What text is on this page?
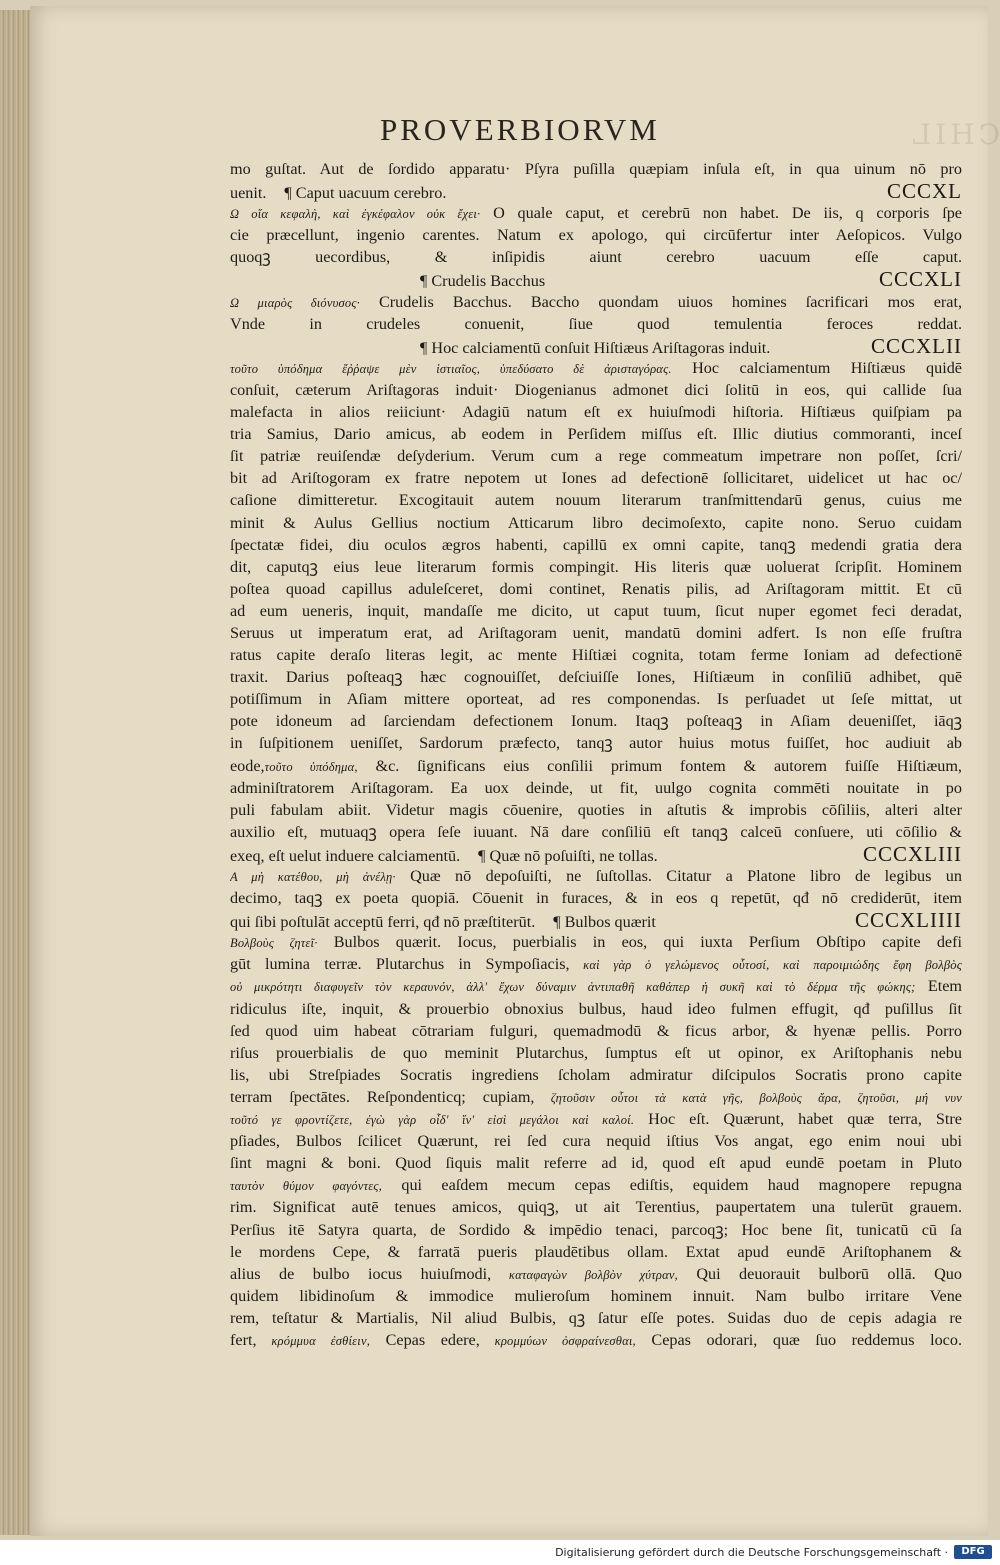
CHIL
PROVERBIORVM
mo guſtat. Aut de ſordido apparatu· Pſyra puſilla quæpiam inſula eſt, in qua uinum nō pro
uenit. ¶ Caput uacuum cerebro.	CCCXL
Ω οἵα κεφαλὴ, καὶ ἐγκέφαλον οὐκ ἔχει· O quale caput, et cerebrū non habet. De iis, q corporis ſpe
cie præcellunt, ingenio carentes. Natum ex apologo, qui circūfertur inter Aeſopicos. Vulgo
quoqꝫ uecordibus, & inſipidis aiunt cerebro uacuum eſſe caput.
¶ Crudelis Bacchus	CCCXLI
Ω μιαρὸς διόνυσος· Crudelis Bacchus. Baccho quondam uiuos homines ſacrificari mos erat,
Vnde in crudeles conuenit, ſiue quod temulentia feroces reddat.
¶ Hoc calciamentū conſuit Hiſtiæus Ariſtagoras induit.	CCCXLII
τοῦτο ὑπόδημα ἔῤῥαψε μὲν ἱστιαῖος, ὑπεδύσατο δὲ ἀρισταγόρας. Hoc calciamentum Hiſtiæus quidē
conſuit, cæterum Ariſtagoras induit· Diogenianus admonet dici ſolitū in eos, qui callide ſua
malefacta in alios reiiciunt· Adagiū natum eſt ex huiuſmodi hiſtoria. Hiſtiæus quiſpiam pa
tria Samius, Dario amicus, ab eodem in Perſidem miſſus eſt. Illic diutius commoranti, inceſ
ſit patriæ reuiſendæ deſyderium. Verum cum a rege commeatum impetrare non poſſet, ſcri/
bit ad Ariſtogoram ex fratre nepotem ut Iones ad defectionē ſollicitaret, uidelicet ut hac oc/
caſione dimitteretur. Excogitauit autem nouum literarum tranſmittendarū genus, cuius me
minit & Aulus Gellius noctium Atticarum libro decimoſexto, capite nono. Seruo cuidam
ſpectatæ fidei, diu oculos ægros habenti, capillū ex omni capite, tanqꝫ medendi gratia dera
dit, caputqꝫ eius leue literarum formis compingit. His literis quæ uoluerat ſcripſit. Hominem
poſtea quoad capillus aduleſceret, domi continet, Renatis pilis, ad Ariſtagoram mittit. Et cū
ad eum ueneris, inquit, mandaſſe me dicito, ut caput tuum, ſicut nuper egomet feci deradat,
Seruus ut imperatum erat, ad Ariſtagoram uenit, mandatū domini adfert. Is non eſſe fruſtra
ratus capite deraſo literas legit, ac mente Hiſtiæi cognita, totam ferme Ioniam ad defectionē
traxit. Darius poſteaqꝫ hæc cognouiſſet, deſciuiſſe Iones, Hiſtiæum in conſiliū adhibet, quē
potiſſimum in Aſiam mittere oporteat, ad res componendas. Is perſuadet ut ſeſe mittat, ut
pote idoneum ad ſarciendam defectionem Ionum. Itaqꝫ poſteaqꝫ in Aſiam deueniſſet, iāqꝫ
in ſuſpitionem ueniſſet, Sardorum præfecto, tanqꝫ autor huius motus fuiſſet, hoc audiuit ab
eode,τοῦτο ὑπόδημα, &c. ſignificans eius conſilii primum fontem & autorem fuiſſe Hiſtiæum,
adminiſtratorem Ariſtagoram. Ea uox deinde, ut fit, uulgo cognita commēti nouitate in po
puli fabulam abiit. Videtur magis cōuenire, quoties in aſtutis & improbis cōſiliis, alteri alter
auxilio eſt, mutuaqꝫ opera ſeſe iuuant. Nā dare conſiliū eſt tanqꝫ calceū conſuere, uti cōſilio &
exeq, eſt uelut induere calciamentū. ¶ Quæ nō poſuiſti, ne tollas.	CCCXLIII
Α μὴ κατέθου, μὴ ἀνέλῃ· Quæ nō depoſuiſti, ne ſuſtollas. Citatur a Platone libro de legibus un
decimo, taqꝫ ex poeta quopiā. Cōuenit in furaces, & in eos q repetūt, qđ nō crediderūt, item
qui ſibi poſtulāt acceptū ferri, qđ nō præſtiterūt. ¶ Bulbos quærit	CCCXLIIII
Βολβοὺς ζητεῖ· Bulbos quærit. Iocus, puerbialis in eos, qui iuxta Perſium Obſtipo capite defi
gūt lumina terræ. Plutarchus in Sympoſiacis, καὶ γὰρ ὁ γελώμενος οὗτοσί, καὶ παροιμιώδης ἔφη βολβὸς
οὐ μικρότητι διαφυγεῖν τὸν κεραυνόν, ἀλλ' ἔχων δύναμιν ἀντιπαθῆ καθάπερ ἡ συκῆ καὶ τὸ δέρμα τῆς φώκης; Etem
ridiculus iſte, inquit, & prouerbio obnoxius bulbus, haud ideo fulmen effugit, qđ puſillus ſit
ſed quod uim habeat cōtrariam fulguri, quemadmodū & ficus arbor, & hyenæ pellis. Porro
riſus prouerbialis de quo meminit Plutarchus, ſumptus eſt ut opinor, ex Ariſtophanis nebu
lis, ubi Streſpiades Socratis ingrediens ſcholam admiratur diſcipulos Socratis prono capite
terram ſpectātes. Reſpondenticq; cupiam, ζητοῦσιν οὗτοι τὰ κατὰ γῆς, βολβοὺς ἄρα, ζητοῦσι, μή νυν
τοῦτό γε φροντίζετε, ἐγὼ γὰρ οἶδ' ἵν' εἰσὶ μεγάλοι καὶ καλοί. Hoc eſt. Quærunt, habet quæ terra, Stre
pſiades, Bulbos ſcilicet Quærunt, rei ſed cura nequid iſtius Vos angat, ego enim noui ubi
ſint magni & boni. Quod ſiquis malit referre ad id, quod eſt apud eundē poetam in Pluto
ταυτὸν θύμον φαγόντες, qui eaſdem mecum cepas ediſtis, equidem haud magnopere repugna
rim. Significat autē tenues amicos, quiqꝫ, ut ait Terentius, paupertatem una tulerūt grauem.
Perſius itē Satyra quarta, de Sordido & impēdio tenaci, parcoqꝫ; Hoc bene ſit, tunicatū cū ſa
le mordens Cepe, & farratā pueris plaudētibus ollam. Extat apud eundē Ariſtophanem &
alius de bulbo iocus huiuſmodi, καταφαγὼν βολβὸν χύτραν, Qui deuorauit bulborū ollā. Quo
quidem libidinoſum & immodice mulieroſum hominem innuit. Nam bulbo irritare Vene
rem, teſtatur & Martialis, Nil aliud Bulbis, qꝫ ſatur eſſe potes. Suidas duo de cepis adagia re
fert, κρόμμυα ἐσθίειν, Cepas edere, κρομμύων ὀσφραίνεσθαι, Cepas odorari, quæ ſuo reddemus loco.
Digitalisierung gefördert durch die Deutsche Forschungsgemeinschaft ·	DFG
